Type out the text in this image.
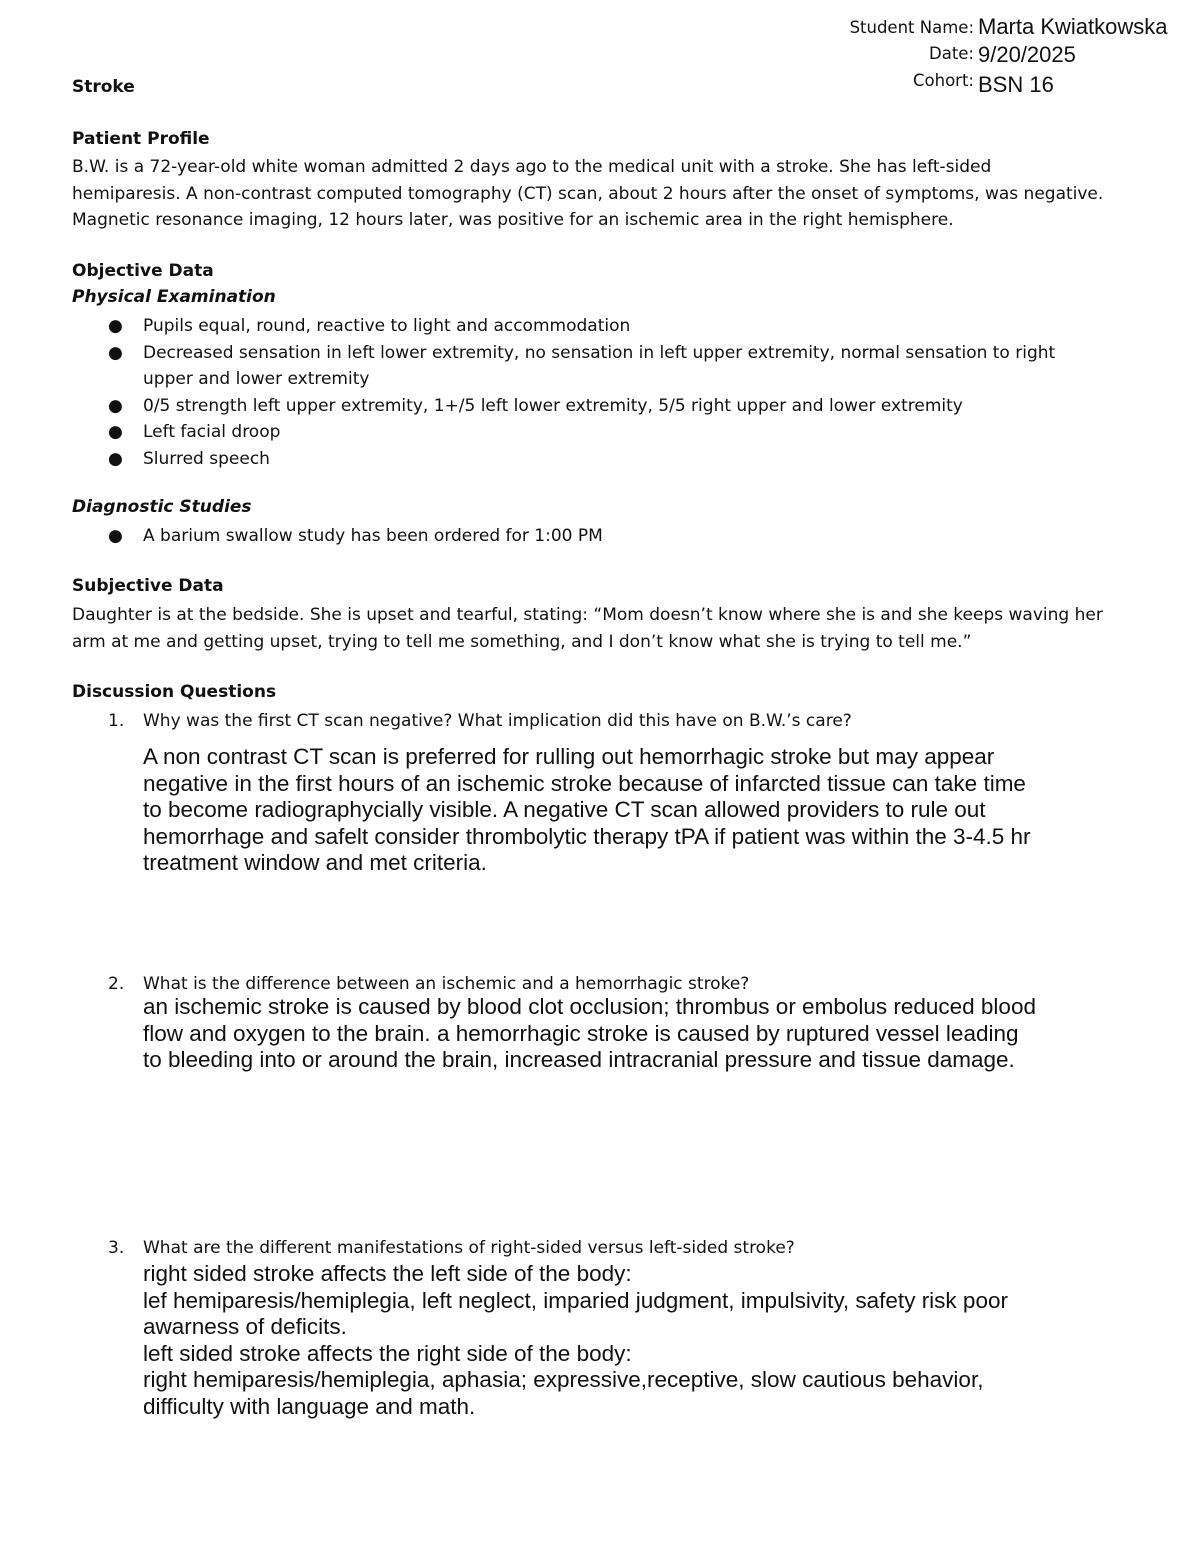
Student Name: Marta Kwiatkowska
Date: 9/20/2025
Cohort: BSN 16
Stroke
Patient Profile
B.W. is a 72-year-old white woman admitted 2 days ago to the medical unit with a stroke. She has left-sided
hemiparesis. A non-contrast computed tomography (CT) scan, about 2 hours after the onset of symptoms, was negative.
Magnetic resonance imaging, 12 hours later, was positive for an ischemic area in the right hemisphere.
Objective Data
Physical Examination
● Pupils equal, round, reactive to light and accommodation
● Decreased sensation in left lower extremity, no sensation in left upper extremity, normal sensation to right upper and lower extremity
● 0/5 strength left upper extremity, 1+/5 left lower extremity, 5/5 right upper and lower extremity
● Left facial droop
● Slurred speech
Diagnostic Studies
● A barium swallow study has been ordered for 1:00 PM
Subjective Data
Daughter is at the bedside. She is upset and tearful, stating: “Mom doesn’t know where she is and she keeps waving her
arm at me and getting upset, trying to tell me something, and I don’t know what she is trying to tell me.”
Discussion Questions
1.	Why was the first CT scan negative? What implication did this have on B.W.’s care?
A non contrast CT scan is preferred for rulling out hemorrhagic stroke but may appear
negative in the first hours of an ischemic stroke because of infarcted tissue can take time
to become radiographycially visible. A negative CT scan allowed providers to rule out
hemorrhage and safelt consider thrombolytic therapy tPA if patient was within the 3-4.5 hr
treatment window and met criteria.
2.	What is the difference between an ischemic and a hemorrhagic stroke?
an ischemic stroke is caused by blood clot occlusion; thrombus or embolus reduced blood
flow and oxygen to the brain. a hemorrhagic stroke is caused by ruptured vessel leading
to bleeding into or around the brain, increased intracranial pressure and tissue damage.
3.	What are the different manifestations of right-sided versus left-sided stroke?
right sided stroke affects the left side of the body:
lef hemiparesis/hemiplegia, left neglect, imparied judgment, impulsivity, safety risk poor
awarness of deficits.
left sided stroke affects the right side of the body:
right hemiparesis/hemiplegia, aphasia; expressive,receptive, slow cautious behavior,
difficulty with language and math.
